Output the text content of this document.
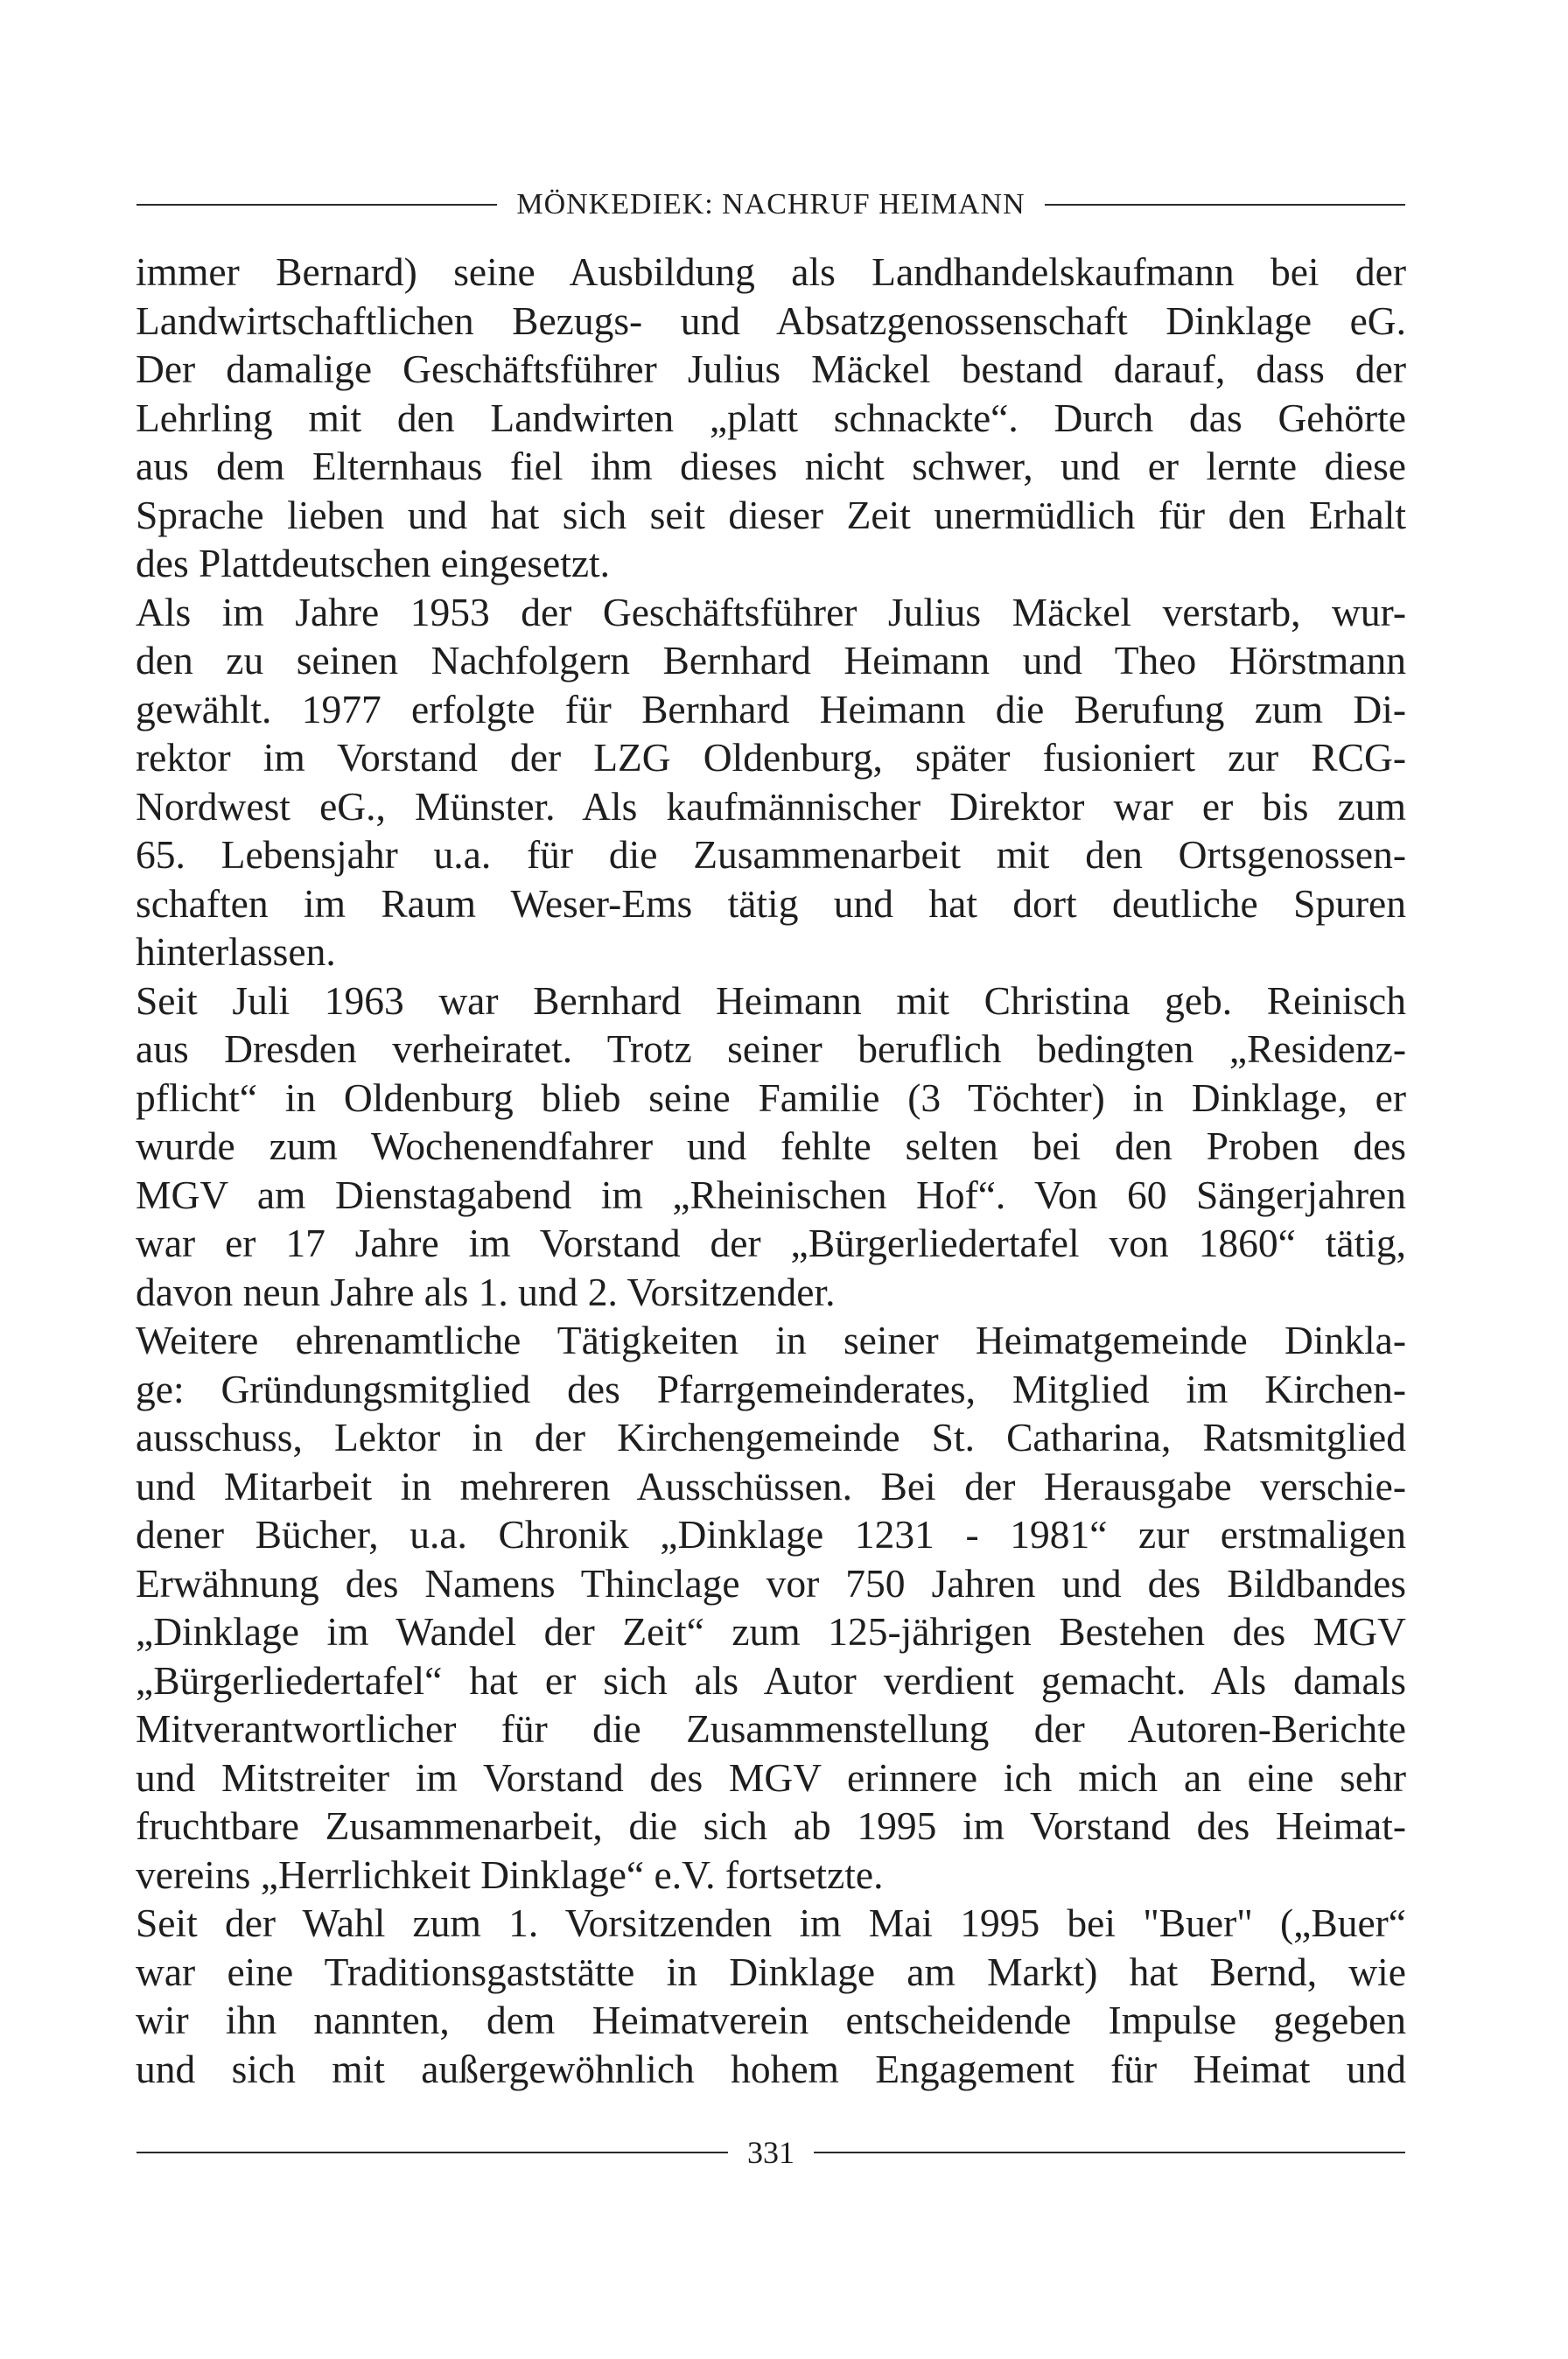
MÖNKEDIEK: NACHRUF HEIMANN
immer Bernard) seine Ausbildung als Landhandelskaufmann bei der
Landwirtschaftlichen Bezugs- und Absatzgenossenschaft Dinklage eG.
Der damalige Geschäftsführer Julius Mäckel bestand darauf, dass der
Lehrling mit den Landwirten „platt schnackte“. Durch das Gehörte
aus dem Elternhaus fiel ihm dieses nicht schwer, und er lernte diese
Sprache lieben und hat sich seit dieser Zeit unermüdlich für den Erhalt
des Plattdeutschen eingesetzt.
Als im Jahre 1953 der Geschäftsführer Julius Mäckel verstarb, wur-
den zu seinen Nachfolgern Bernhard Heimann und Theo Hörstmann
gewählt. 1977 erfolgte für Bernhard Heimann die Berufung zum Di-
rektor im Vorstand der LZG Oldenburg, später fusioniert zur RCG-
Nordwest eG., Münster. Als kaufmännischer Direktor war er bis zum
65. Lebensjahr u.a. für die Zusammenarbeit mit den Ortsgenossen-
schaften im Raum Weser-Ems tätig und hat dort deutliche Spuren
hinterlassen.
Seit Juli 1963 war Bernhard Heimann mit Christina geb. Reinisch
aus Dresden verheiratet. Trotz seiner beruflich bedingten „Residenz-
pflicht“ in Oldenburg blieb seine Familie (3 Töchter) in Dinklage, er
wurde zum Wochenendfahrer und fehlte selten bei den Proben des
MGV am Dienstagabend im „Rheinischen Hof“. Von 60 Sängerjahren
war er 17 Jahre im Vorstand der „Bürgerliedertafel von 1860“ tätig,
davon neun Jahre als 1. und 2. Vorsitzender.
Weitere ehrenamtliche Tätigkeiten in seiner Heimatgemeinde Dinkla-
ge: Gründungsmitglied des Pfarrgemeinderates, Mitglied im Kirchen-
ausschuss, Lektor in der Kirchengemeinde St. Catharina, Ratsmitglied
und Mitarbeit in mehreren Ausschüssen. Bei der Herausgabe verschie-
dener Bücher, u.a. Chronik „Dinklage 1231 - 1981“ zur erstmaligen
Erwähnung des Namens Thinclage vor 750 Jahren und des Bildbandes
„Dinklage im Wandel der Zeit“ zum 125-jährigen Bestehen des MGV
„Bürgerliedertafel“ hat er sich als Autor verdient gemacht. Als damals
Mitverantwortlicher für die Zusammenstellung der Autoren-Berichte
und Mitstreiter im Vorstand des MGV erinnere ich mich an eine sehr
fruchtbare Zusammenarbeit, die sich ab 1995 im Vorstand des Heimat-
vereins „Herrlichkeit Dinklage“ e.V. fortsetzte.
Seit der Wahl zum 1. Vorsitzenden im Mai 1995 bei "Buer" („Buer“
war eine Traditionsgaststätte in Dinklage am Markt) hat Bernd, wie
wir ihn nannten, dem Heimatverein entscheidende Impulse gegeben
und sich mit außergewöhnlich hohem Engagement für Heimat und
331
